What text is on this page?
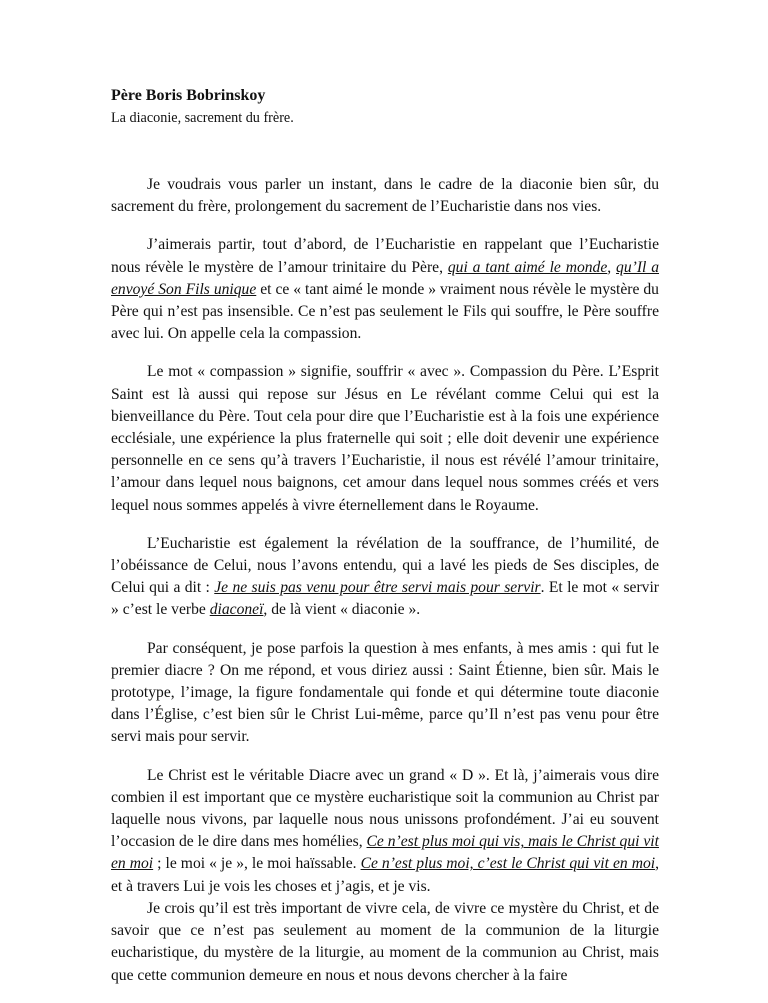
Père Boris Bobrinskoy
La diaconie, sacrement du frère.

Je voudrais vous parler un instant, dans le cadre de la diaconie bien sûr, du sacrement du frère, prolongement du sacrement de l’Eucharistie dans nos vies.

J’aimerais partir, tout d’abord, de l’Eucharistie en rappelant que l’Eucharistie nous révèle le mystère de l’amour trinitaire du Père, qui a tant aimé le monde, qu’Il a envoyé Son Fils unique et ce « tant aimé le monde » vraiment nous révèle le mystère du Père qui n’est pas insensible. Ce n’est pas seulement le Fils qui souffre, le Père souffre avec lui. On appelle cela la compassion.

Le mot « compassion » signifie, souffrir « avec ». Compassion du Père. L’Esprit Saint est là aussi qui repose sur Jésus en Le révélant comme Celui qui est la bienveillance du Père. Tout cela pour dire que l’Eucharistie est à la fois une expérience ecclésiale, une expérience la plus fraternelle qui soit ; elle doit devenir une expérience personnelle en ce sens qu’à travers l’Eucharistie, il nous est révélé l’amour trinitaire, l’amour dans lequel nous baignons, cet amour dans lequel nous sommes créés et vers lequel nous sommes appelés à vivre éternellement dans le Royaume.

L’Eucharistie est également la révélation de la souffrance, de l’humilité, de l’obéissance de Celui, nous l’avons entendu, qui a lavé les pieds de Ses disciples, de Celui qui a dit : Je ne suis pas venu pour être servi mais pour servir. Et le mot « servir » c’est le verbe diaconeï, de là vient « diaconie ».

Par conséquent, je pose parfois la question à mes enfants, à mes amis : qui fut le premier diacre ? On me répond, et vous diriez aussi : Saint Étienne, bien sûr. Mais le prototype, l’image, la figure fondamentale qui fonde et qui détermine toute diaconie dans l’Église, c’est bien sûr le Christ Lui-même, parce qu’Il n’est pas venu pour être servi mais pour servir.

Le Christ est le véritable Diacre avec un grand « D ». Et là, j’aimerais vous dire combien il est important que ce mystère eucharistique soit la communion au Christ par laquelle nous vivons, par laquelle nous nous unissons profondément. J’ai eu souvent l’occasion de le dire dans mes homélies, Ce n’est plus moi qui vis, mais le Christ qui vit en moi ; le moi « je », le moi haïssable. Ce n’est plus moi, c’est le Christ qui vit en moi, et à travers Lui je vois les choses et j’agis, et je vis.

Je crois qu’il est très important de vivre cela, de vivre ce mystère du Christ, et de savoir que ce n’est pas seulement au moment de la communion de la liturgie eucharistique, du mystère de la liturgie, au moment de la communion au Christ, mais que cette communion demeure en nous et nous devons chercher à la faire
